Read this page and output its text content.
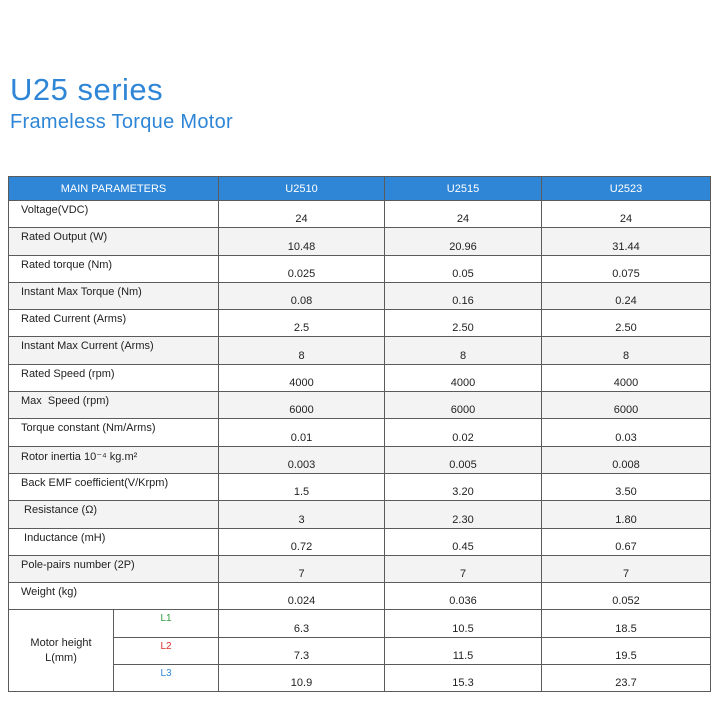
U25 series
Frameless Torque Motor
MAIN PARAMETERS		U2510	U2515	U2523
Voltage(VDC)		24	24	24
Rated Output (W)		10.48	20.96	31.44
Rated torque (Nm)		0.025	0.05	0.075
Instant Max Torque (Nm)		0.08	0.16	0.24
Rated Current (Arms)		2.5	2.50	2.50
Instant Max Current (Arms)		8	8	8
Rated Speed (rpm)		4000	4000	4000
Max  Speed (rpm)		6000	6000	6000
Torque constant (Nm/Arms)		0.01	0.02	0.03
Rotor inertia 10⁻⁴ kg.m²		0.003	0.005	0.008
Back EMF coefficient(V/Krpm)		1.5	3.20	3.50
Resistance (Ω)		3	2.30	1.80
Inductance (mH)		0.72	0.45	0.67
Pole-pairs number (2P)		7	7	7
Weight (kg)		0.024	0.036	0.052

Motor height
L(mm)	L1	6.3	10.5	18.5
	L2	7.3	11.5	19.5
	L3	10.9	15.3	23.7
